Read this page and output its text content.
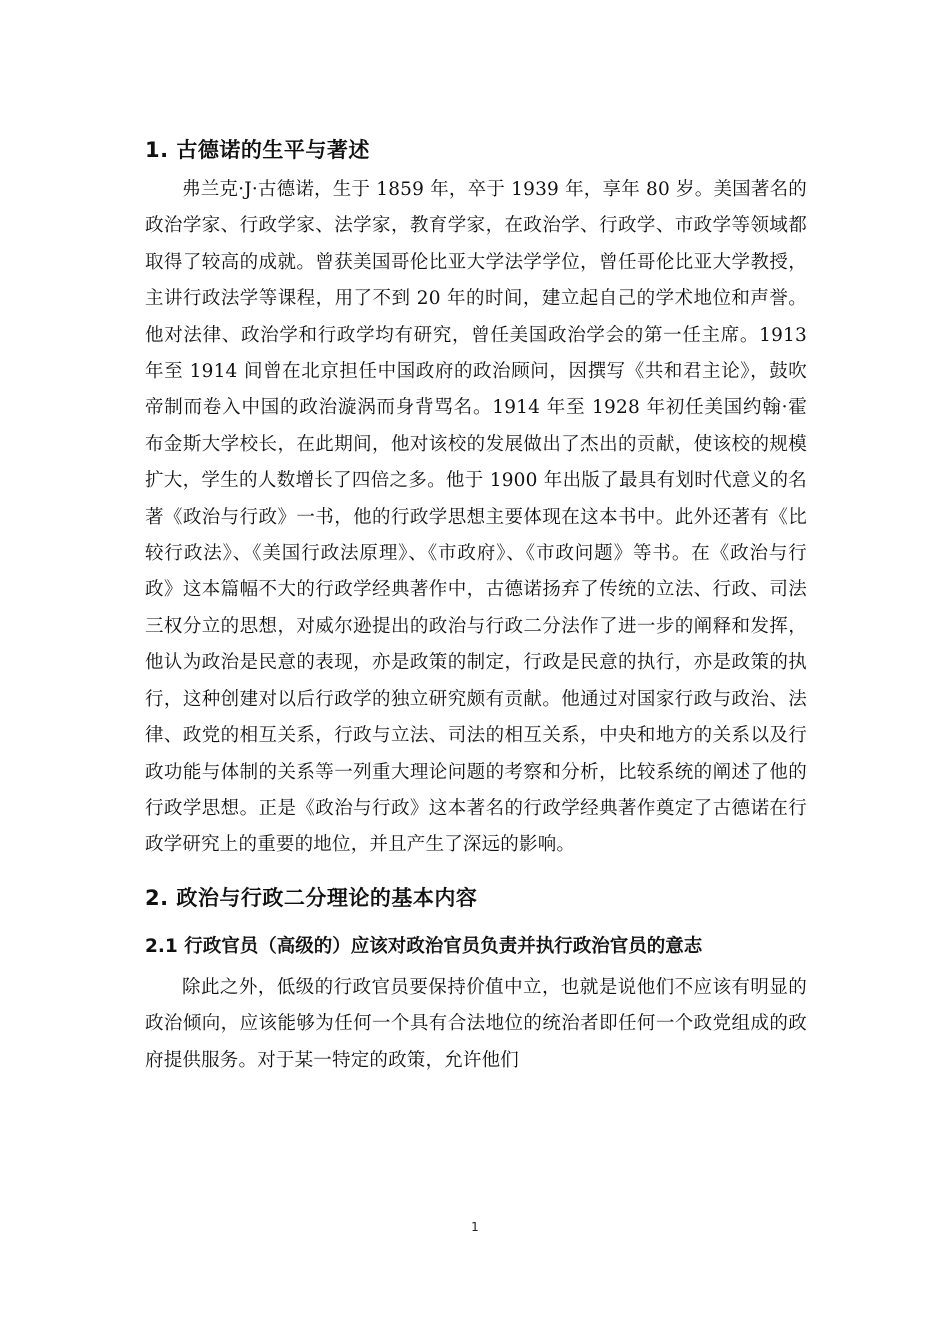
1. 古德诺的生平与著述

弗兰克·J·古德诺，生于 1859 年，卒于 1939 年，享年 80 岁。美国著名的政治学家、行政学家、法学家，教育学家，在政治学、行政学、市政学等领域都取得了较高的成就。曾获美国哥伦比亚大学法学学位，曾任哥伦比亚大学教授，主讲行政法学等课程，用了不到 20 年的时间，建立起自己的学术地位和声誉。他对法律、政治学和行政学均有研究，曾任美国政治学会的第一任主席。1913 年至 1914 间曾在北京担任中国政府的政治顾问，因撰写《共和君主论》，鼓吹帝制而卷入中国的政治漩涡而身背骂名。1914 年至 1928 年初任美国约翰·霍布金斯大学校长，在此期间，他对该校的发展做出了杰出的贡献，使该校的规模扩大，学生的人数增长了四倍之多。他于 1900 年出版了最具有划时代意义的名著《政治与行政》一书，他的行政学思想主要体现在这本书中。此外还著有《比较行政法》、《美国行政法原理》、《市政府》、《市政问题》等书。在《政治与行政》这本篇幅不大的行政学经典著作中，古德诺扬弃了传统的立法、行政、司法三权分立的思想，对威尔逊提出的政治与行政二分法作了进一步的阐释和发挥，他认为政治是民意的表现，亦是政策的制定，行政是民意的执行，亦是政策的执行，这种创建对以后行政学的独立研究颇有贡献。他通过对国家行政与政治、法律、政党的相互关系，行政与立法、司法的相互关系，中央和地方的关系以及行政功能与体制的关系等一列重大理论问题的考察和分析，比较系统的阐述了他的行政学思想。正是《政治与行政》这本著名的行政学经典著作奠定了古德诺在行政学研究上的重要的地位，并且产生了深远的影响。

2. 政治与行政二分理论的基本内容
2.1 行政官员（高级的）应该对政治官员负责并执行政治官员的意志

除此之外，低级的行政官员要保持价值中立，也就是说他们不应该有明显的政治倾向，应该能够为任何一个具有合法地位的统治者即任何一个政党组成的政府提供服务。对于某一特定的政策，允许他们

1
